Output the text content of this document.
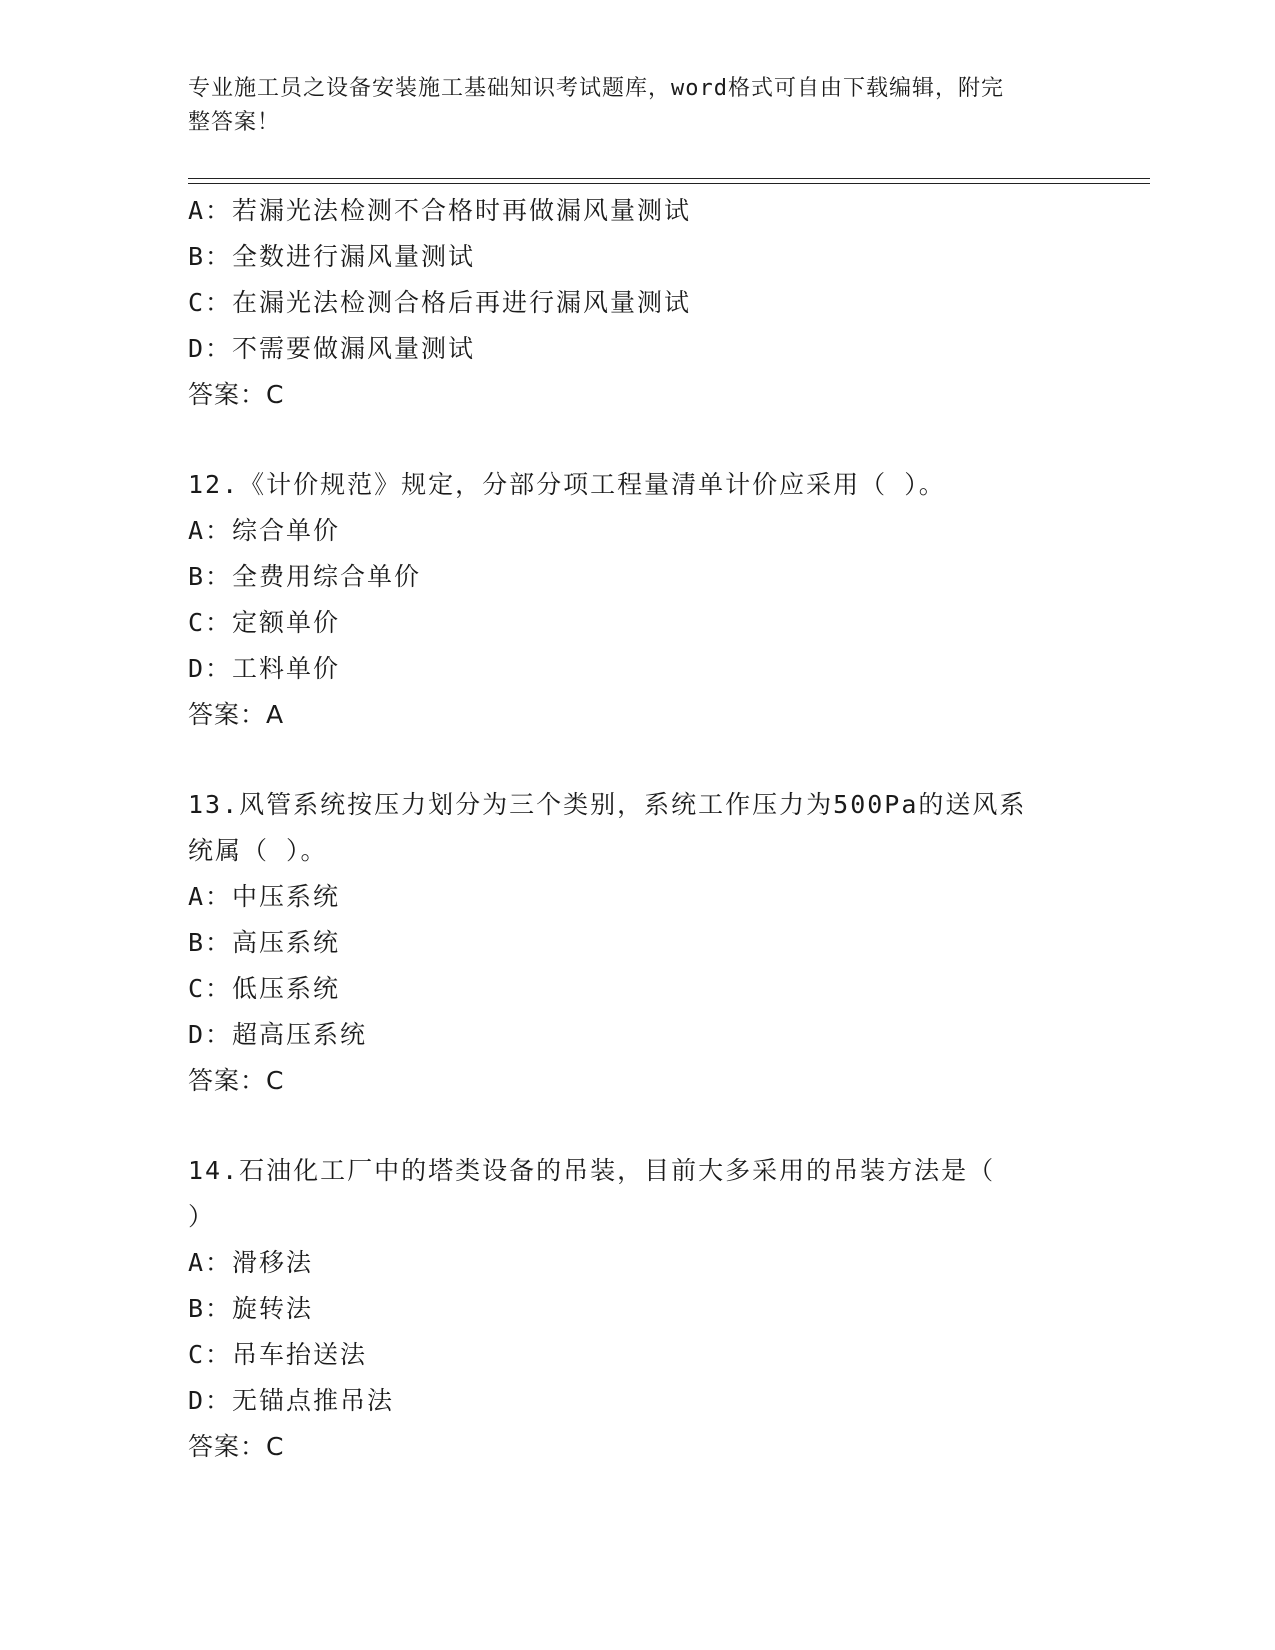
专业施工员之设备安装施工基础知识考试题库，word格式可自由下载编辑，附完
整答案！
A：若漏光法检测不合格时再做漏风量测试
B：全数进行漏风量测试
C：在漏光法检测合格后再进行漏风量测试
D：不需要做漏风量测试
答案：C
12.《计价规范》规定，分部分项工程量清单计价应采用（ ）。
A：综合单价
B：全费用综合单价
C：定额单价
D：工料单价
答案：A
13.风管系统按压力划分为三个类别，系统工作压力为500Pa的送风系
统属（ ）。
A：中压系统
B：高压系统
C：低压系统
D：超高压系统
答案：C
14.石油化工厂中的塔类设备的吊装，目前大多采用的吊装方法是（
）
A：滑移法
B：旋转法
C：吊车抬送法
D：无锚点推吊法
答案：C
